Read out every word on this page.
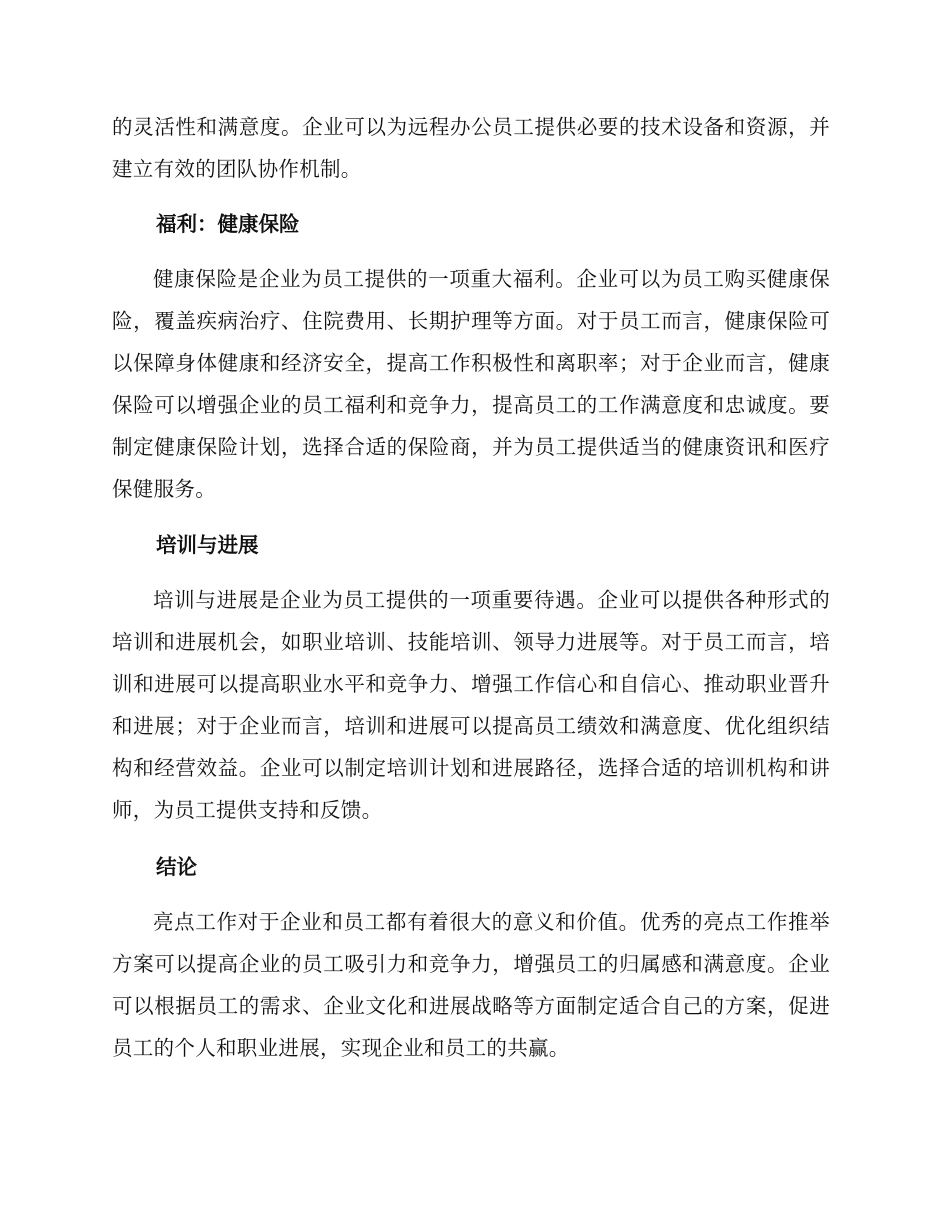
的灵活性和满意度。企业可以为远程办公员工提供必要的技术设备和资源，并建立有效的团队协作机制。

福利：健康保险

健康保险是企业为员工提供的一项重大福利。企业可以为员工购买健康保险，覆盖疾病治疗、住院费用、长期护理等方面。对于员工而言，健康保险可以保障身体健康和经济安全，提高工作积极性和离职率；对于企业而言，健康保险可以增强企业的员工福利和竞争力，提高员工的工作满意度和忠诚度。要制定健康保险计划，选择合适的保险商，并为员工提供适当的健康资讯和医疗保健服务。

培训与进展

培训与进展是企业为员工提供的一项重要待遇。企业可以提供各种形式的培训和进展机会，如职业培训、技能培训、领导力进展等。对于员工而言，培训和进展可以提高职业水平和竞争力、增强工作信心和自信心、推动职业晋升和进展；对于企业而言，培训和进展可以提高员工绩效和满意度、优化组织结构和经营效益。企业可以制定培训计划和进展路径，选择合适的培训机构和讲师，为员工提供支持和反馈。

结论

亮点工作对于企业和员工都有着很大的意义和价值。优秀的亮点工作推举方案可以提高企业的员工吸引力和竞争力，增强员工的归属感和满意度。企业可以根据员工的需求、企业文化和进展战略等方面制定适合自己的方案，促进员工的个人和职业进展，实现企业和员工的共赢。
